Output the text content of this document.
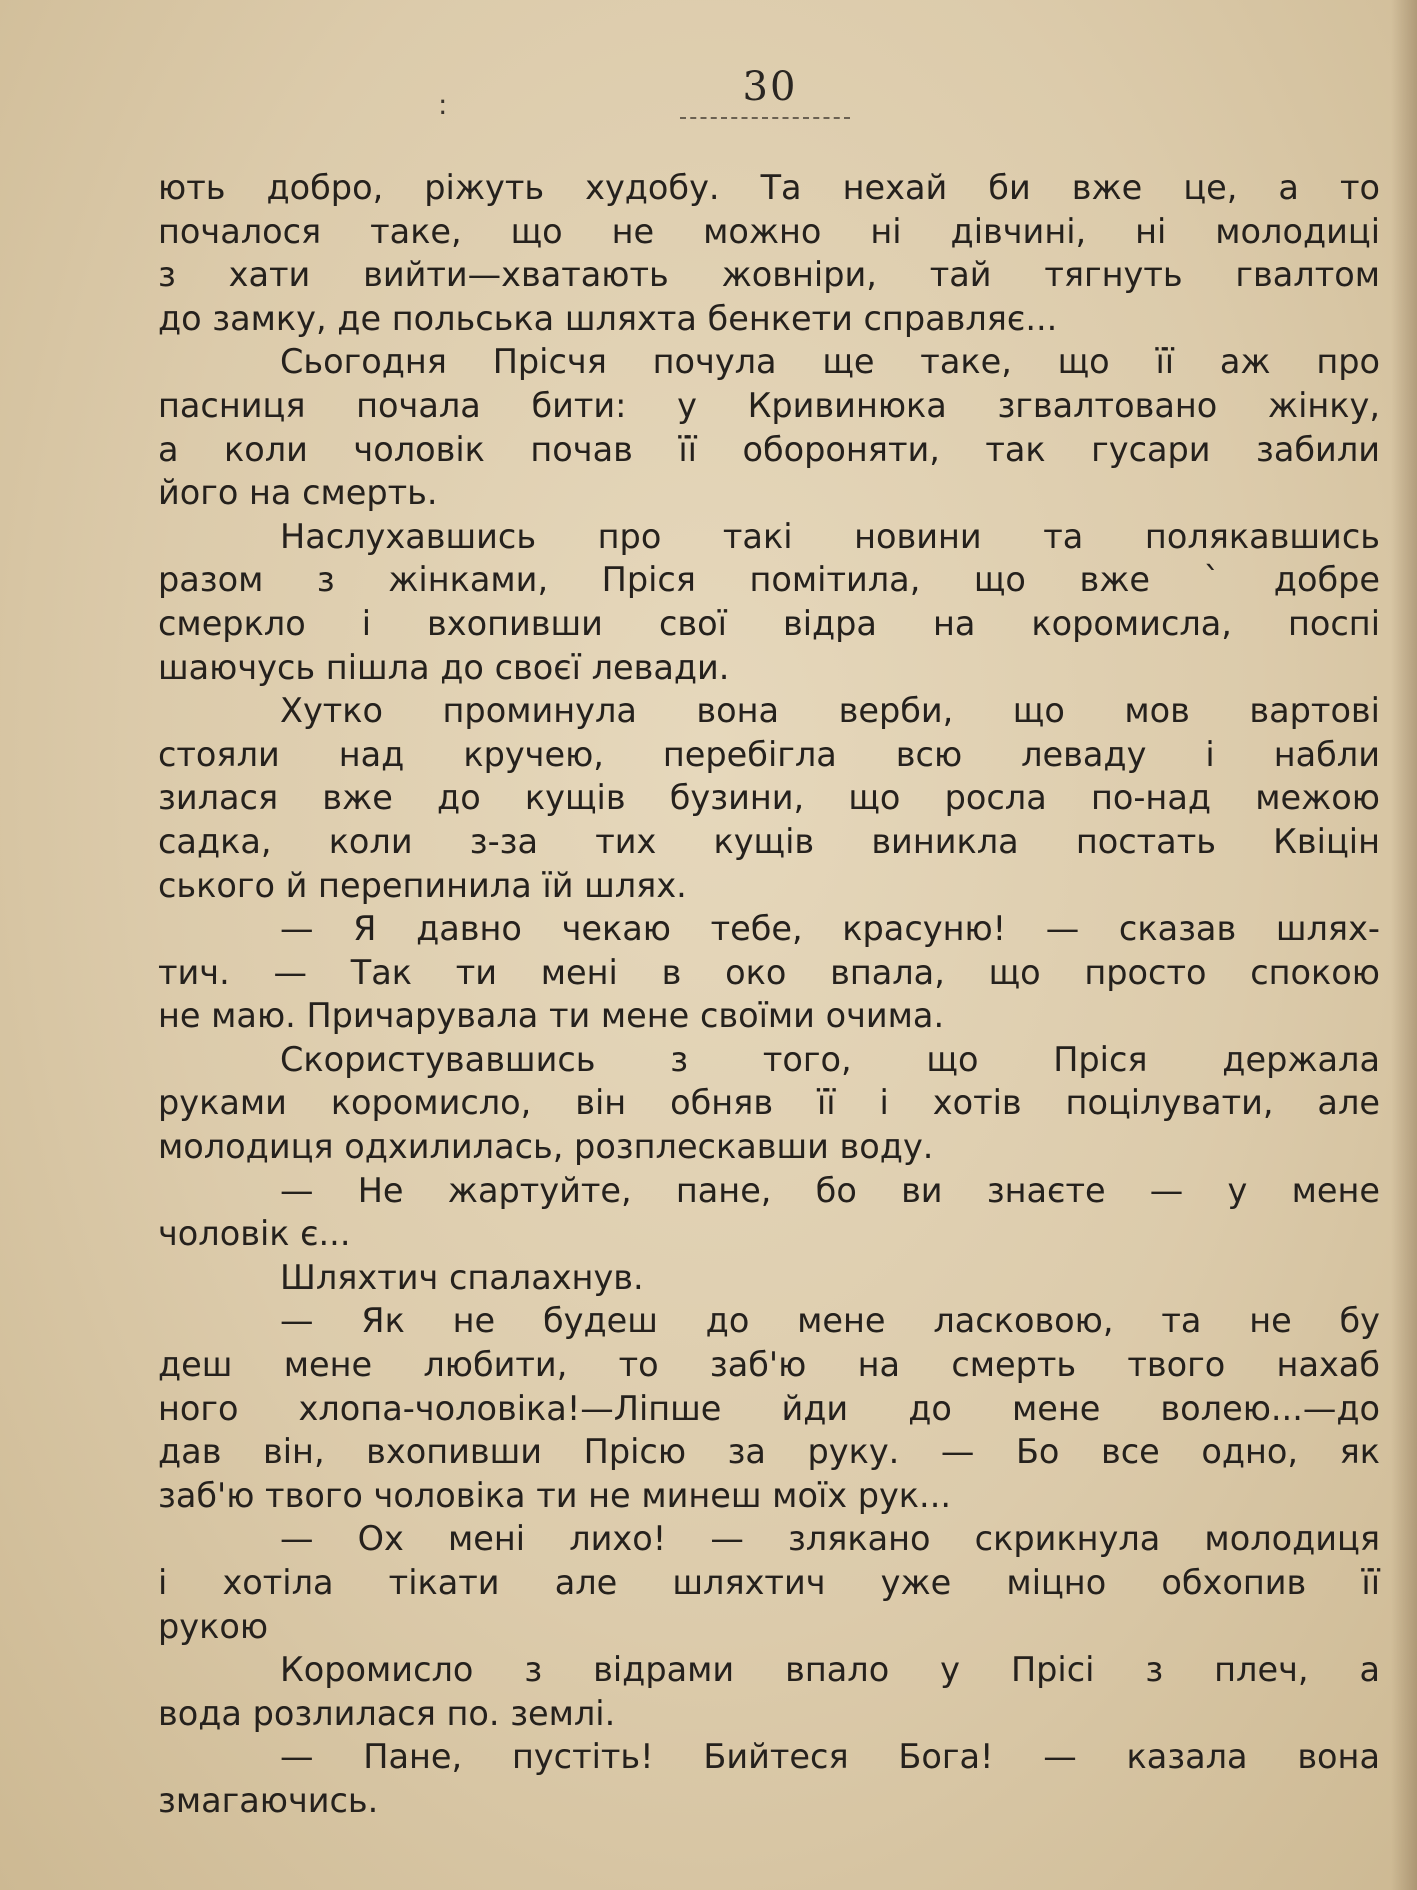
:	30
ють добро, ріжуть худобу. Та нехай би вже це, а то
почалося таке, що не можно ні дівчині, ні молодиці
з хати вийти—хватають жовніри, тай тягнуть гвалтом
до замку, де польська шляхта бенкети справляє...
Сьогодня Прісчя почула ще таке, що її аж про
пасниця почала бити: у Кривинюка згвалтовано жінку,
а коли чоловік почав її обороняти, так гусари забили
його на смерть.
Наслухавшись про такі новини та полякавшись
разом з жінками, Пріся помітила, що вже ` добре
смеркло і вхопивши свої відра на коромисла, поспі
шаючусь пішла до своєї левади.
Хутко проминула вона верби, що мов вартові
стояли над кручею, перебігла всю леваду і набли
зилася вже до кущів бузини, що росла по-над межою
садка, коли з-за тих кущів виникла постать Квіцін
ського й перепинила їй шлях.
— Я давно чекаю тебе, красуню! — сказав шлях-
тич. — Так ти мені в око впала, що просто спокою
не маю. Причарувала ти мене своїми очима.
Скористувавшись з того, що Пріся держала
руками коромисло, він обняв її і хотів поцілувати, але
молодиця одхилилась, розплескавши воду.
— Не жартуйте, пане, бо ви знаєте — у мене
чоловік є...
Шляхтич спалахнув.
— Як не будеш до мене ласковою, та не бу
деш мене любити, то заб'ю на смерть твого нахаб
ного хлопа-чоловіка!—Ліпше йди до мене волею...—до
дав він, вхопивши Прісю за руку. — Бо все одно, як
заб'ю твого чоловіка ти не минеш моїх рук...
— Ох мені лихо! — злякано скрикнула молодиця
і хотіла тікати але шляхтич уже міцно обхопив її
рукою
Коромисло з відрами впало у Прісі з плеч, а
вода розлилася по. землі.
— Пане, пустіть! Бийтеся Бога! — казала вона
змагаючись.
